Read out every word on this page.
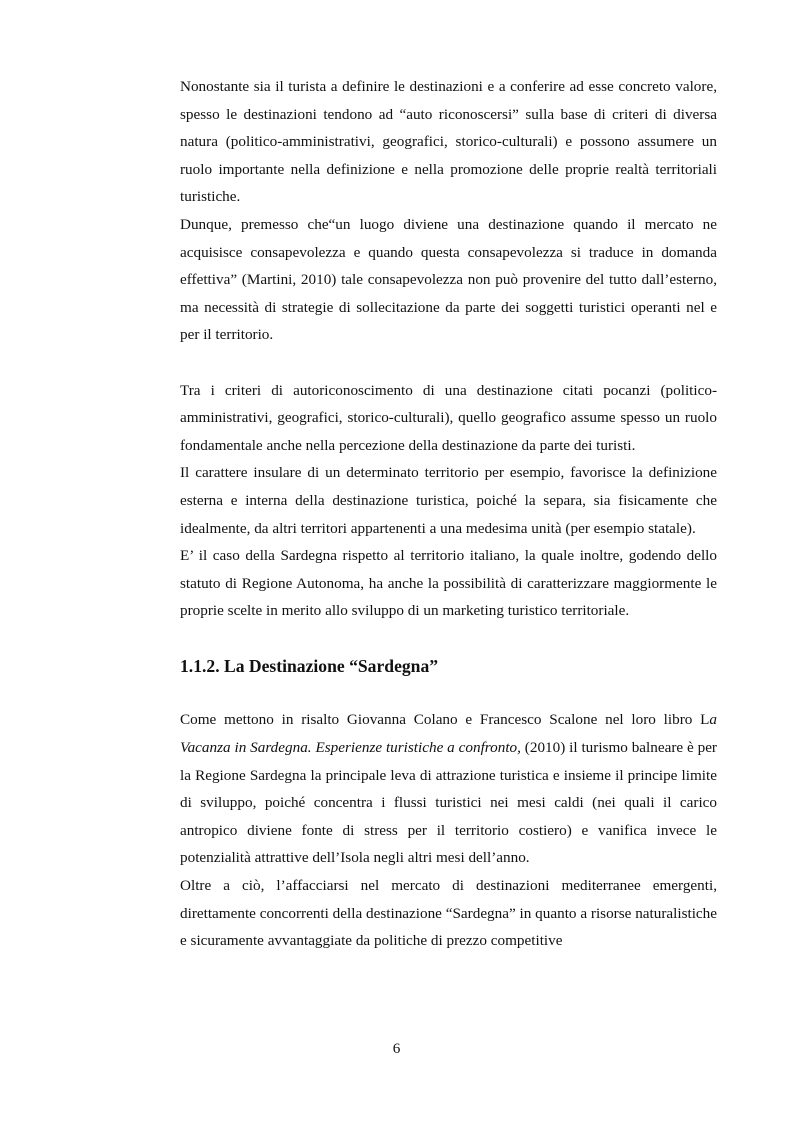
Nonostante sia il turista a definire le destinazioni e a conferire ad esse concreto valore, spesso le destinazioni tendono ad “auto riconoscersi” sulla base di criteri di diversa natura (politico-amministrativi, geografici, storico-culturali) e possono assumere un ruolo importante nella definizione e nella promozione delle proprie realtà territoriali turistiche.

Dunque, premesso che“un luogo diviene una destinazione quando il mercato ne acquisisce consapevolezza e quando questa consapevolezza si traduce in domanda effettiva” (Martini, 2010) tale consapevolezza non può provenire del tutto dall’esterno, ma necessità di strategie di sollecitazione da parte dei soggetti turistici operanti nel e per il territorio.

Tra i criteri di autoriconoscimento di una destinazione citati pocanzi (politico-amministrativi, geografici, storico-culturali), quello geografico assume spesso un ruolo fondamentale anche nella percezione della destinazione da parte dei turisti.

Il carattere insulare di un determinato territorio per esempio, favorisce la definizione esterna e interna della destinazione turistica, poiché la separa, sia fisicamente che idealmente, da altri territori appartenenti a una medesima unità (per esempio statale).

E’ il caso della Sardegna rispetto al territorio italiano, la quale inoltre, godendo dello statuto di Regione Autonoma, ha anche la possibilità di caratterizzare maggiormente le proprie scelte in merito allo sviluppo di un marketing turistico territoriale.

1.1.2. La Destinazione “Sardegna”

Come mettono in risalto Giovanna Colano e Francesco Scalone nel loro libro La Vacanza in Sardegna. Esperienze turistiche a confronto, (2010) il turismo balneare è per la Regione Sardegna la principale leva di attrazione turistica e insieme il principe limite di sviluppo, poiché concentra i flussi turistici nei mesi caldi (nei quali il carico antropico diviene fonte di stress per il territorio costiero) e vanifica invece le potenzialità attrattive dell’Isola negli altri mesi dell’anno.

Oltre a ciò, l’affacciarsi nel mercato di destinazioni mediterranee emergenti, direttamente concorrenti della destinazione “Sardegna” in quanto a risorse naturalistiche e sicuramente avvantaggiate da politiche di prezzo competitive

6
